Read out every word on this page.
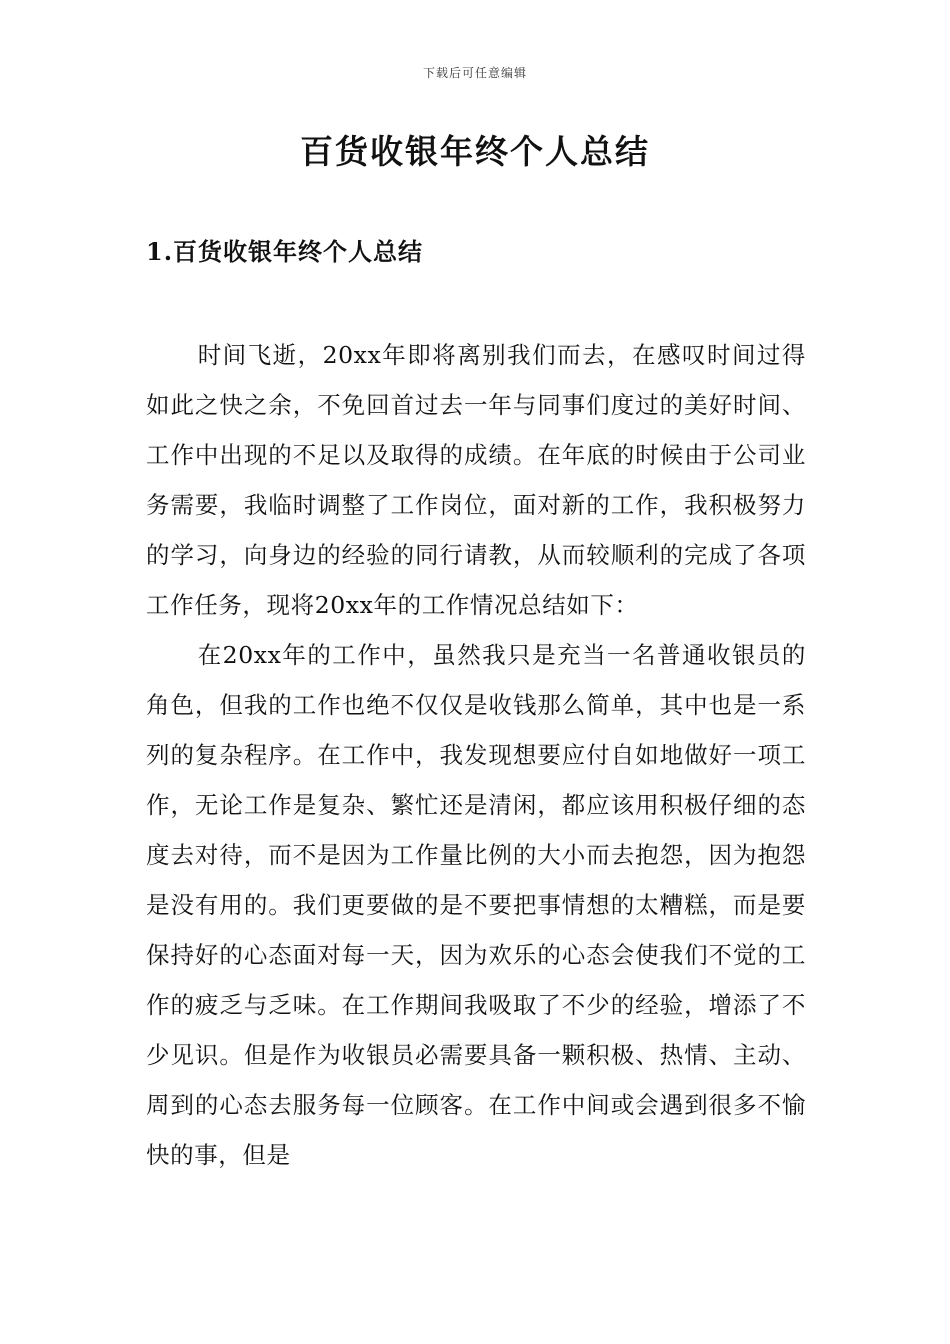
下载后可任意编辑
百货收银年终个人总结
1.百货收银年终个人总结

时间飞逝，20xx年即将离别我们而去，在感叹时间过得如此之快之余，不免回首过去一年与同事们度过的美好时间、工作中出现的不足以及取得的成绩。在年底的时候由于公司业务需要，我临时调整了工作岗位，面对新的工作，我积极努力的学习，向身边的经验的同行请教，从而较顺利的完成了各项工作任务，现将20xx年的工作情况总结如下：

在20xx年的工作中，虽然我只是充当一名普通收银员的角色，但我的工作也绝不仅仅是收钱那么简单，其中也是一系列的复杂程序。在工作中，我发现想要应付自如地做好一项工作，无论工作是复杂、繁忙还是清闲，都应该用积极仔细的态度去对待，而不是因为工作量比例的大小而去抱怨，因为抱怨是没有用的。我们更要做的是不要把事情想的太糟糕，而是要保持好的心态面对每一天，因为欢乐的心态会使我们不觉的工作的疲乏与乏味。在工作期间我吸取了不少的经验，增添了不少见识。但是作为收银员必需要具备一颗积极、热情、主动、周到的心态去服务每一位顾客。在工作中间或会遇到很多不愉快的事，但是
